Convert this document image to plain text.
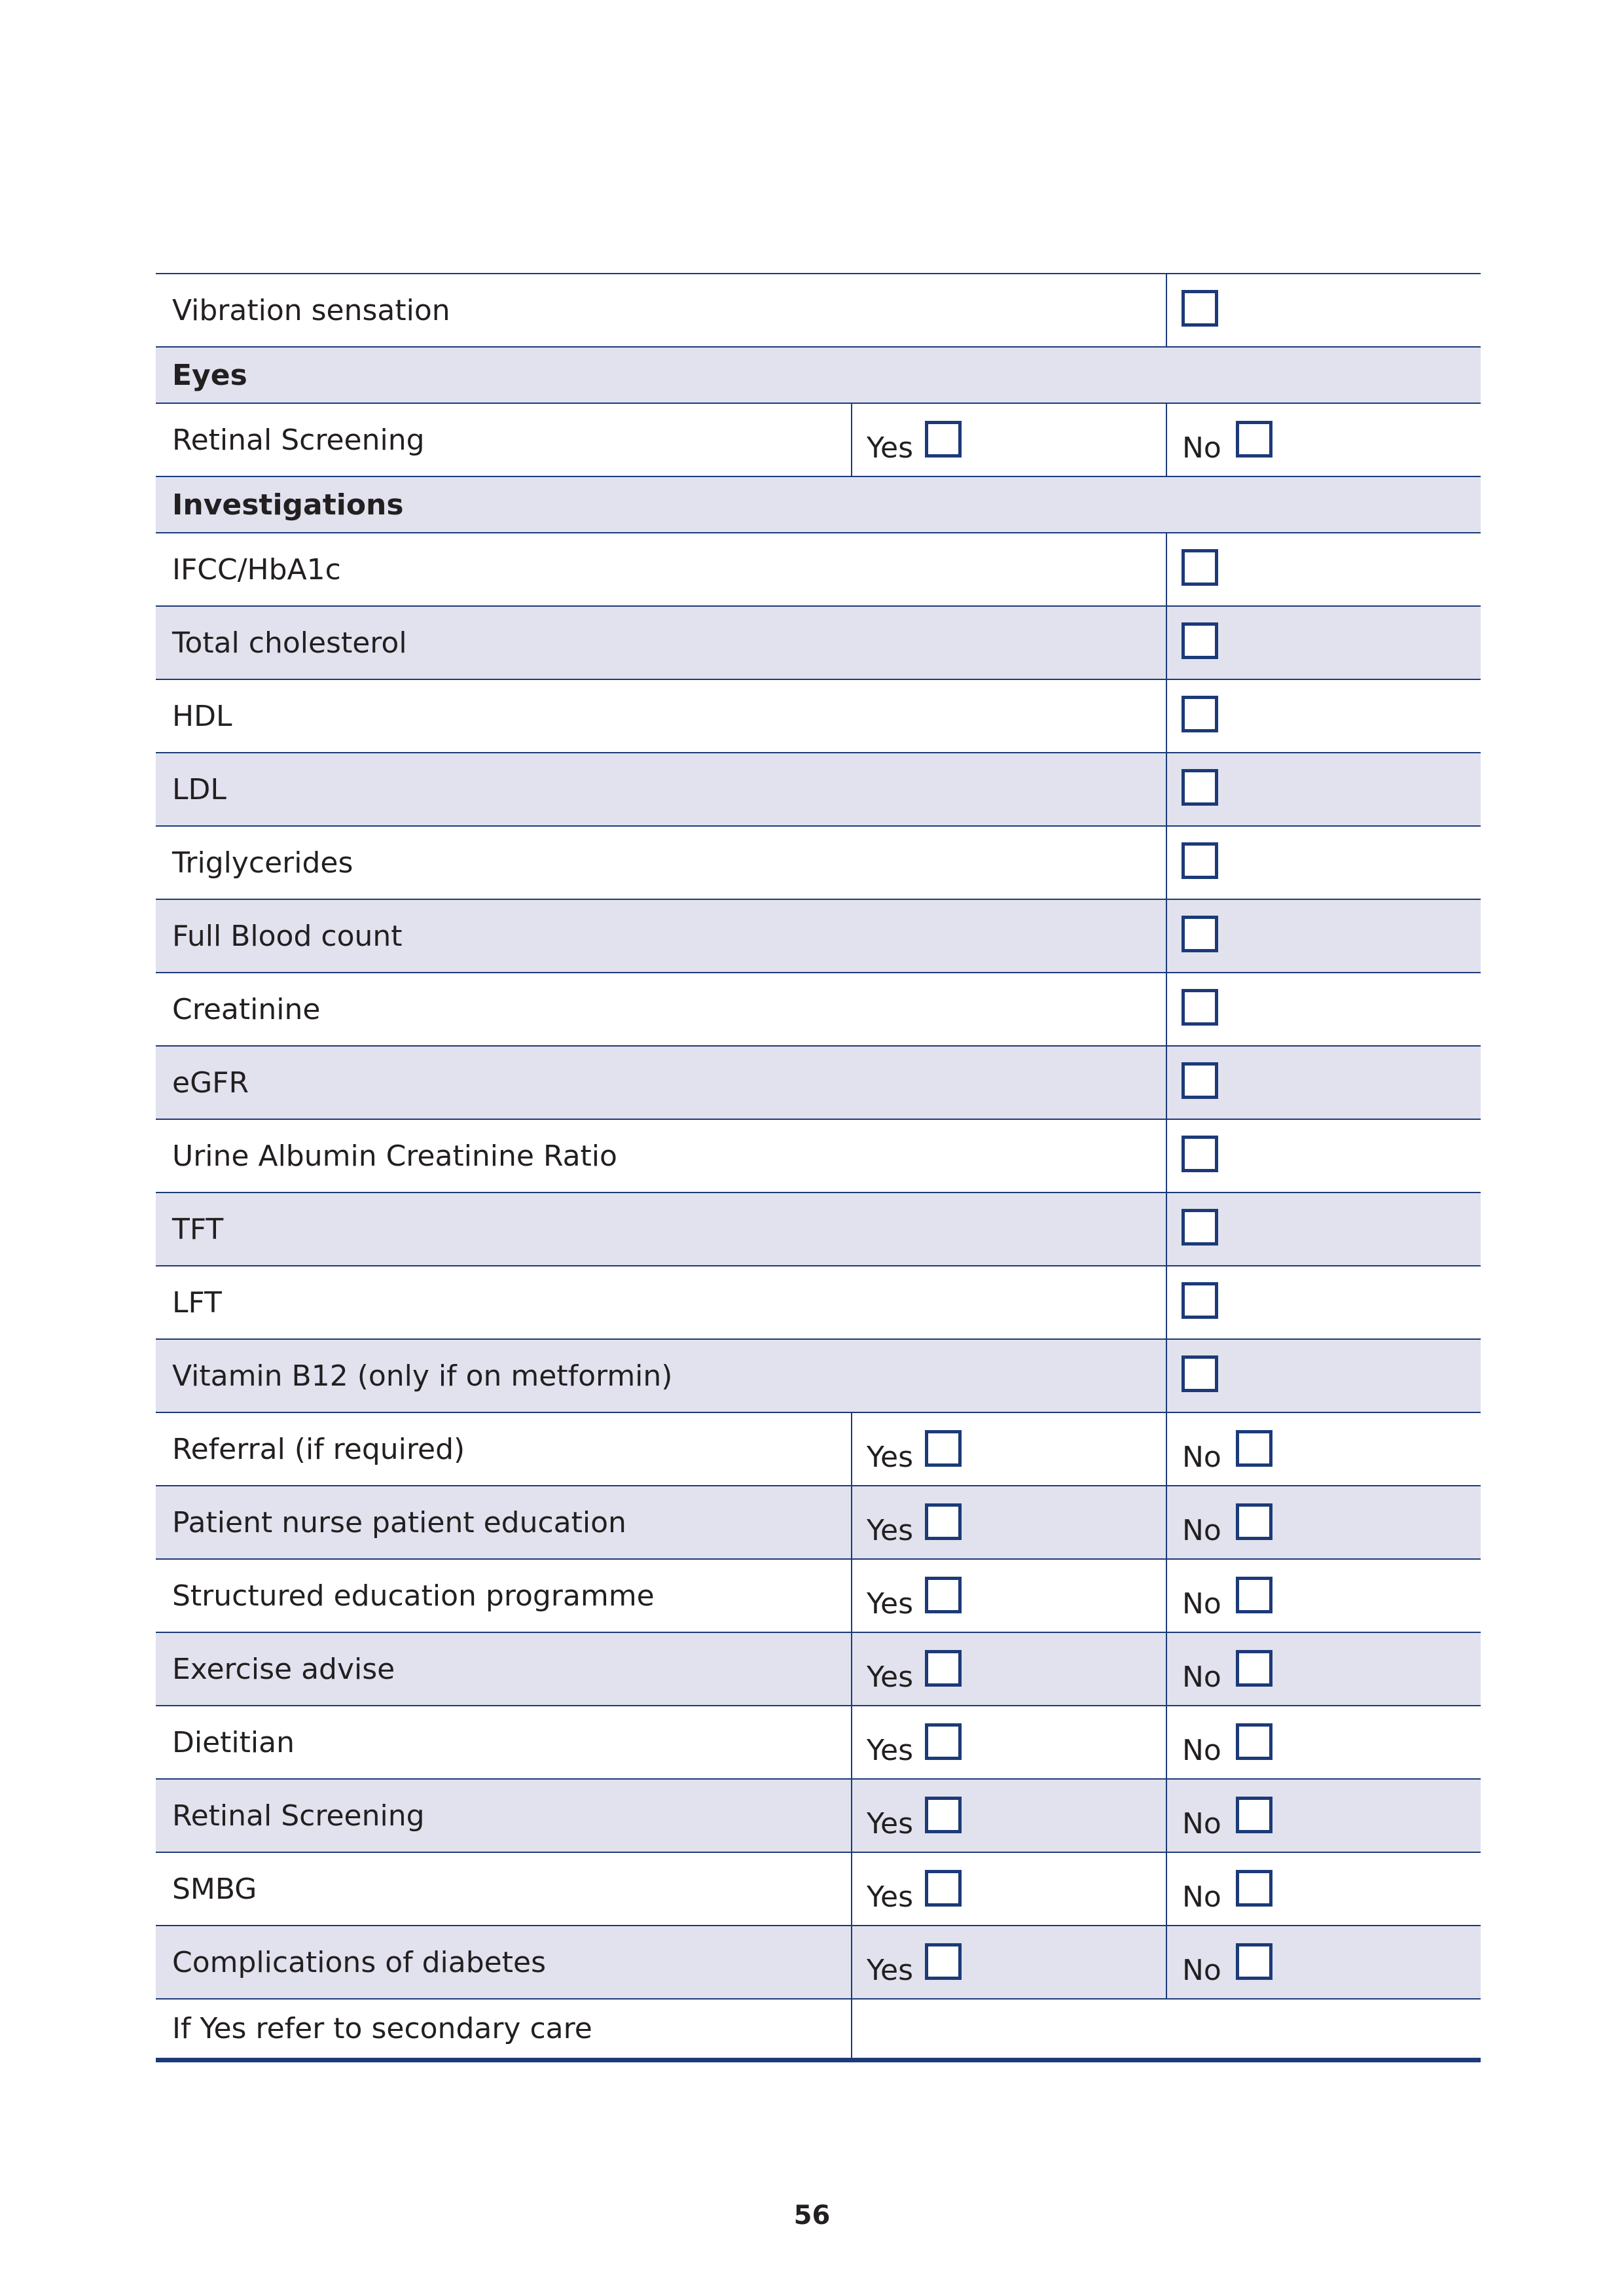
Vibration sensation
Eyes
Retinal Screening	Yes	No
Investigations
IFCC/HbA1c
Total cholesterol
HDL
LDL
Triglycerides
Full Blood count
Creatinine
eGFR
Urine Albumin Creatinine Ratio
TFT
LFT
Vitamin B12 (only if on metformin)
Referral (if required)	Yes	No
Patient nurse patient education	Yes	No
Structured education programme	Yes	No
Exercise advise	Yes	No
Dietitian	Yes	No
Retinal Screening	Yes	No
SMBG	Yes	No
Complications of diabetes	Yes	No
If Yes refer to secondary care
56
